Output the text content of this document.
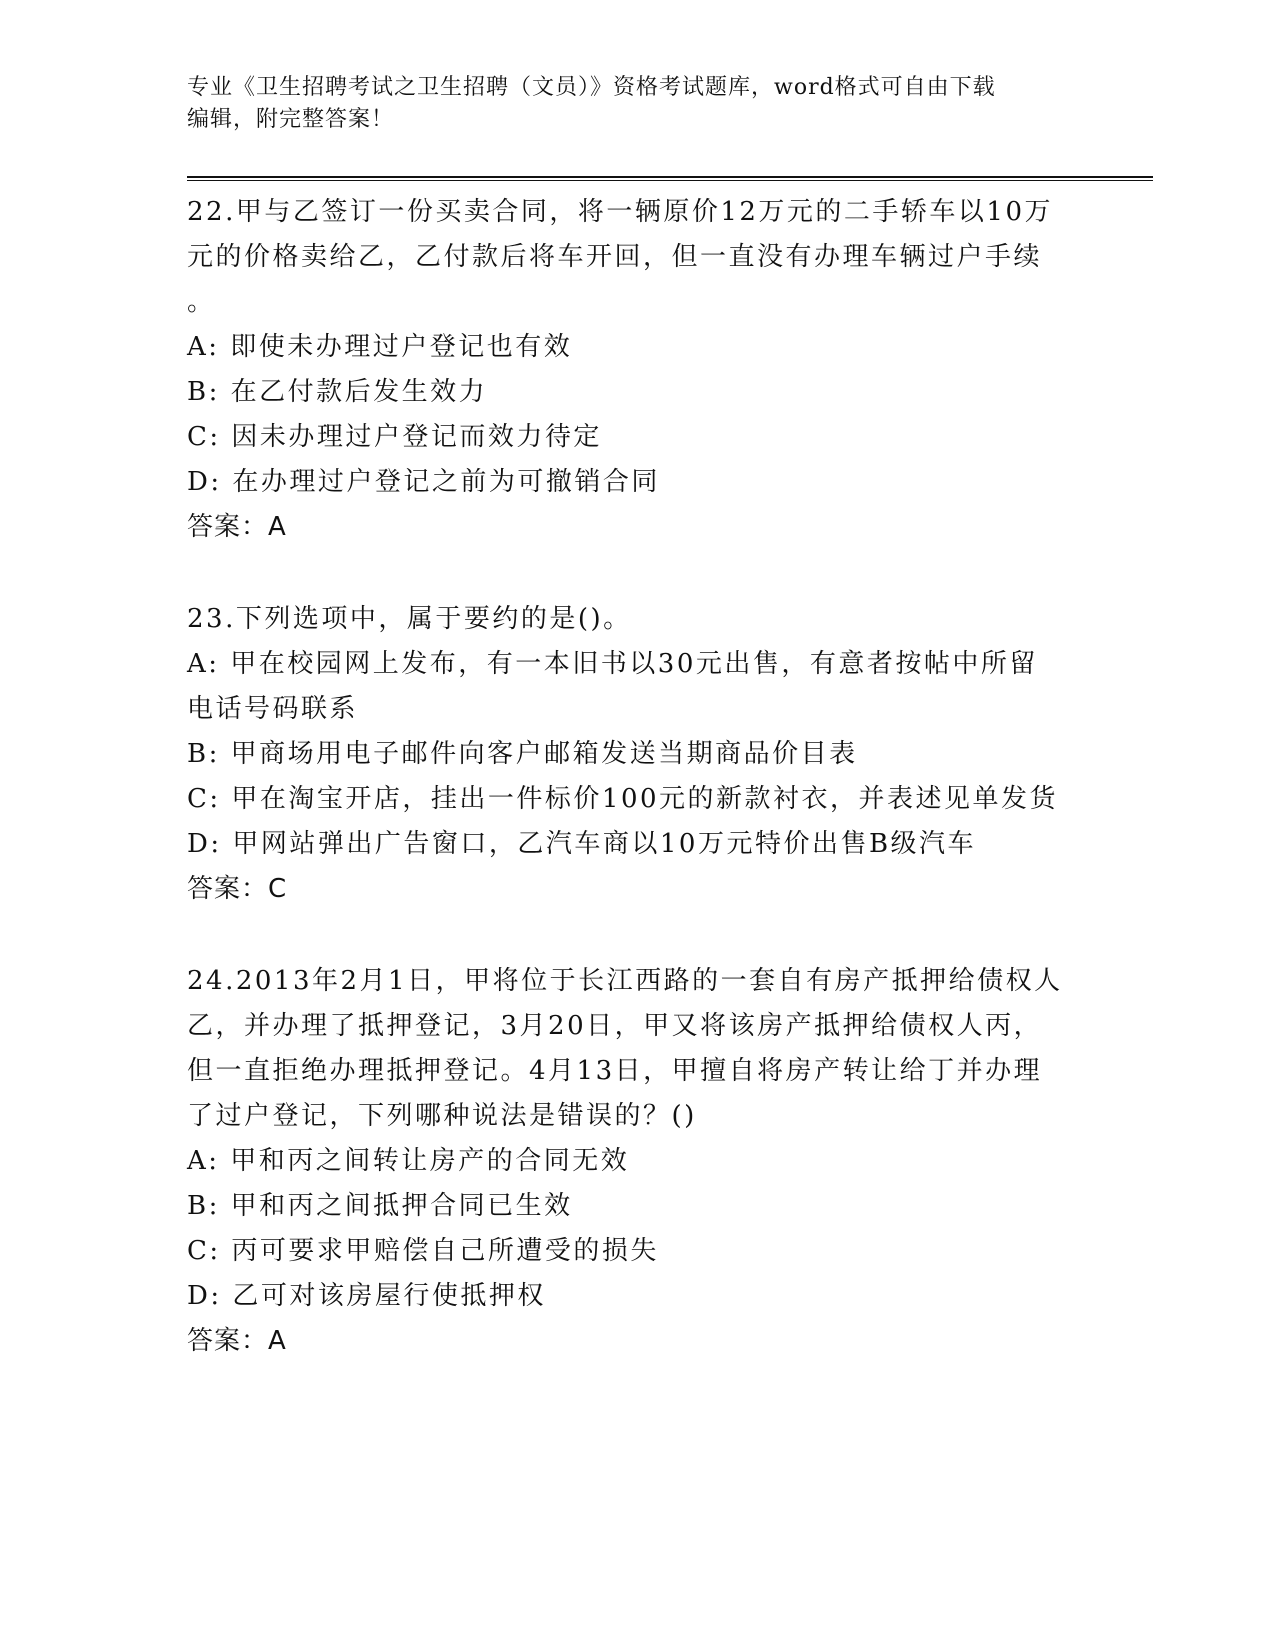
专业《卫生招聘考试之卫生招聘（文员）》资格考试题库，word格式可自由下载
编辑，附完整答案！
22.甲与乙签订一份买卖合同，将一辆原价12万元的二手轿车以10万
元的价格卖给乙，乙付款后将车开回，但一直没有办理车辆过户手续
。
A: 即使未办理过户登记也有效
B: 在乙付款后发生效力
C: 因未办理过户登记而效力待定
D: 在办理过户登记之前为可撤销合同
答案：A
23.下列选项中，属于要约的是()。
A: 甲在校园网上发布，有一本旧书以30元出售，有意者按帖中所留
电话号码联系
B: 甲商场用电子邮件向客户邮箱发送当期商品价目表
C: 甲在淘宝开店，挂出一件标价100元的新款衬衣，并表述见单发货
D: 甲网站弹出广告窗口，乙汽车商以10万元特价出售B级汽车
答案：C
24.2013年2月1日，甲将位于长江西路的一套自有房产抵押给债权人
乙，并办理了抵押登记，3月20日，甲又将该房产抵押给债权人丙，
但一直拒绝办理抵押登记。4月13日，甲擅自将房产转让给丁并办理
了过户登记，下列哪种说法是错误的？()
A: 甲和丙之间转让房产的合同无效
B: 甲和丙之间抵押合同已生效
C: 丙可要求甲赔偿自己所遭受的损失
D: 乙可对该房屋行使抵押权
答案：A
